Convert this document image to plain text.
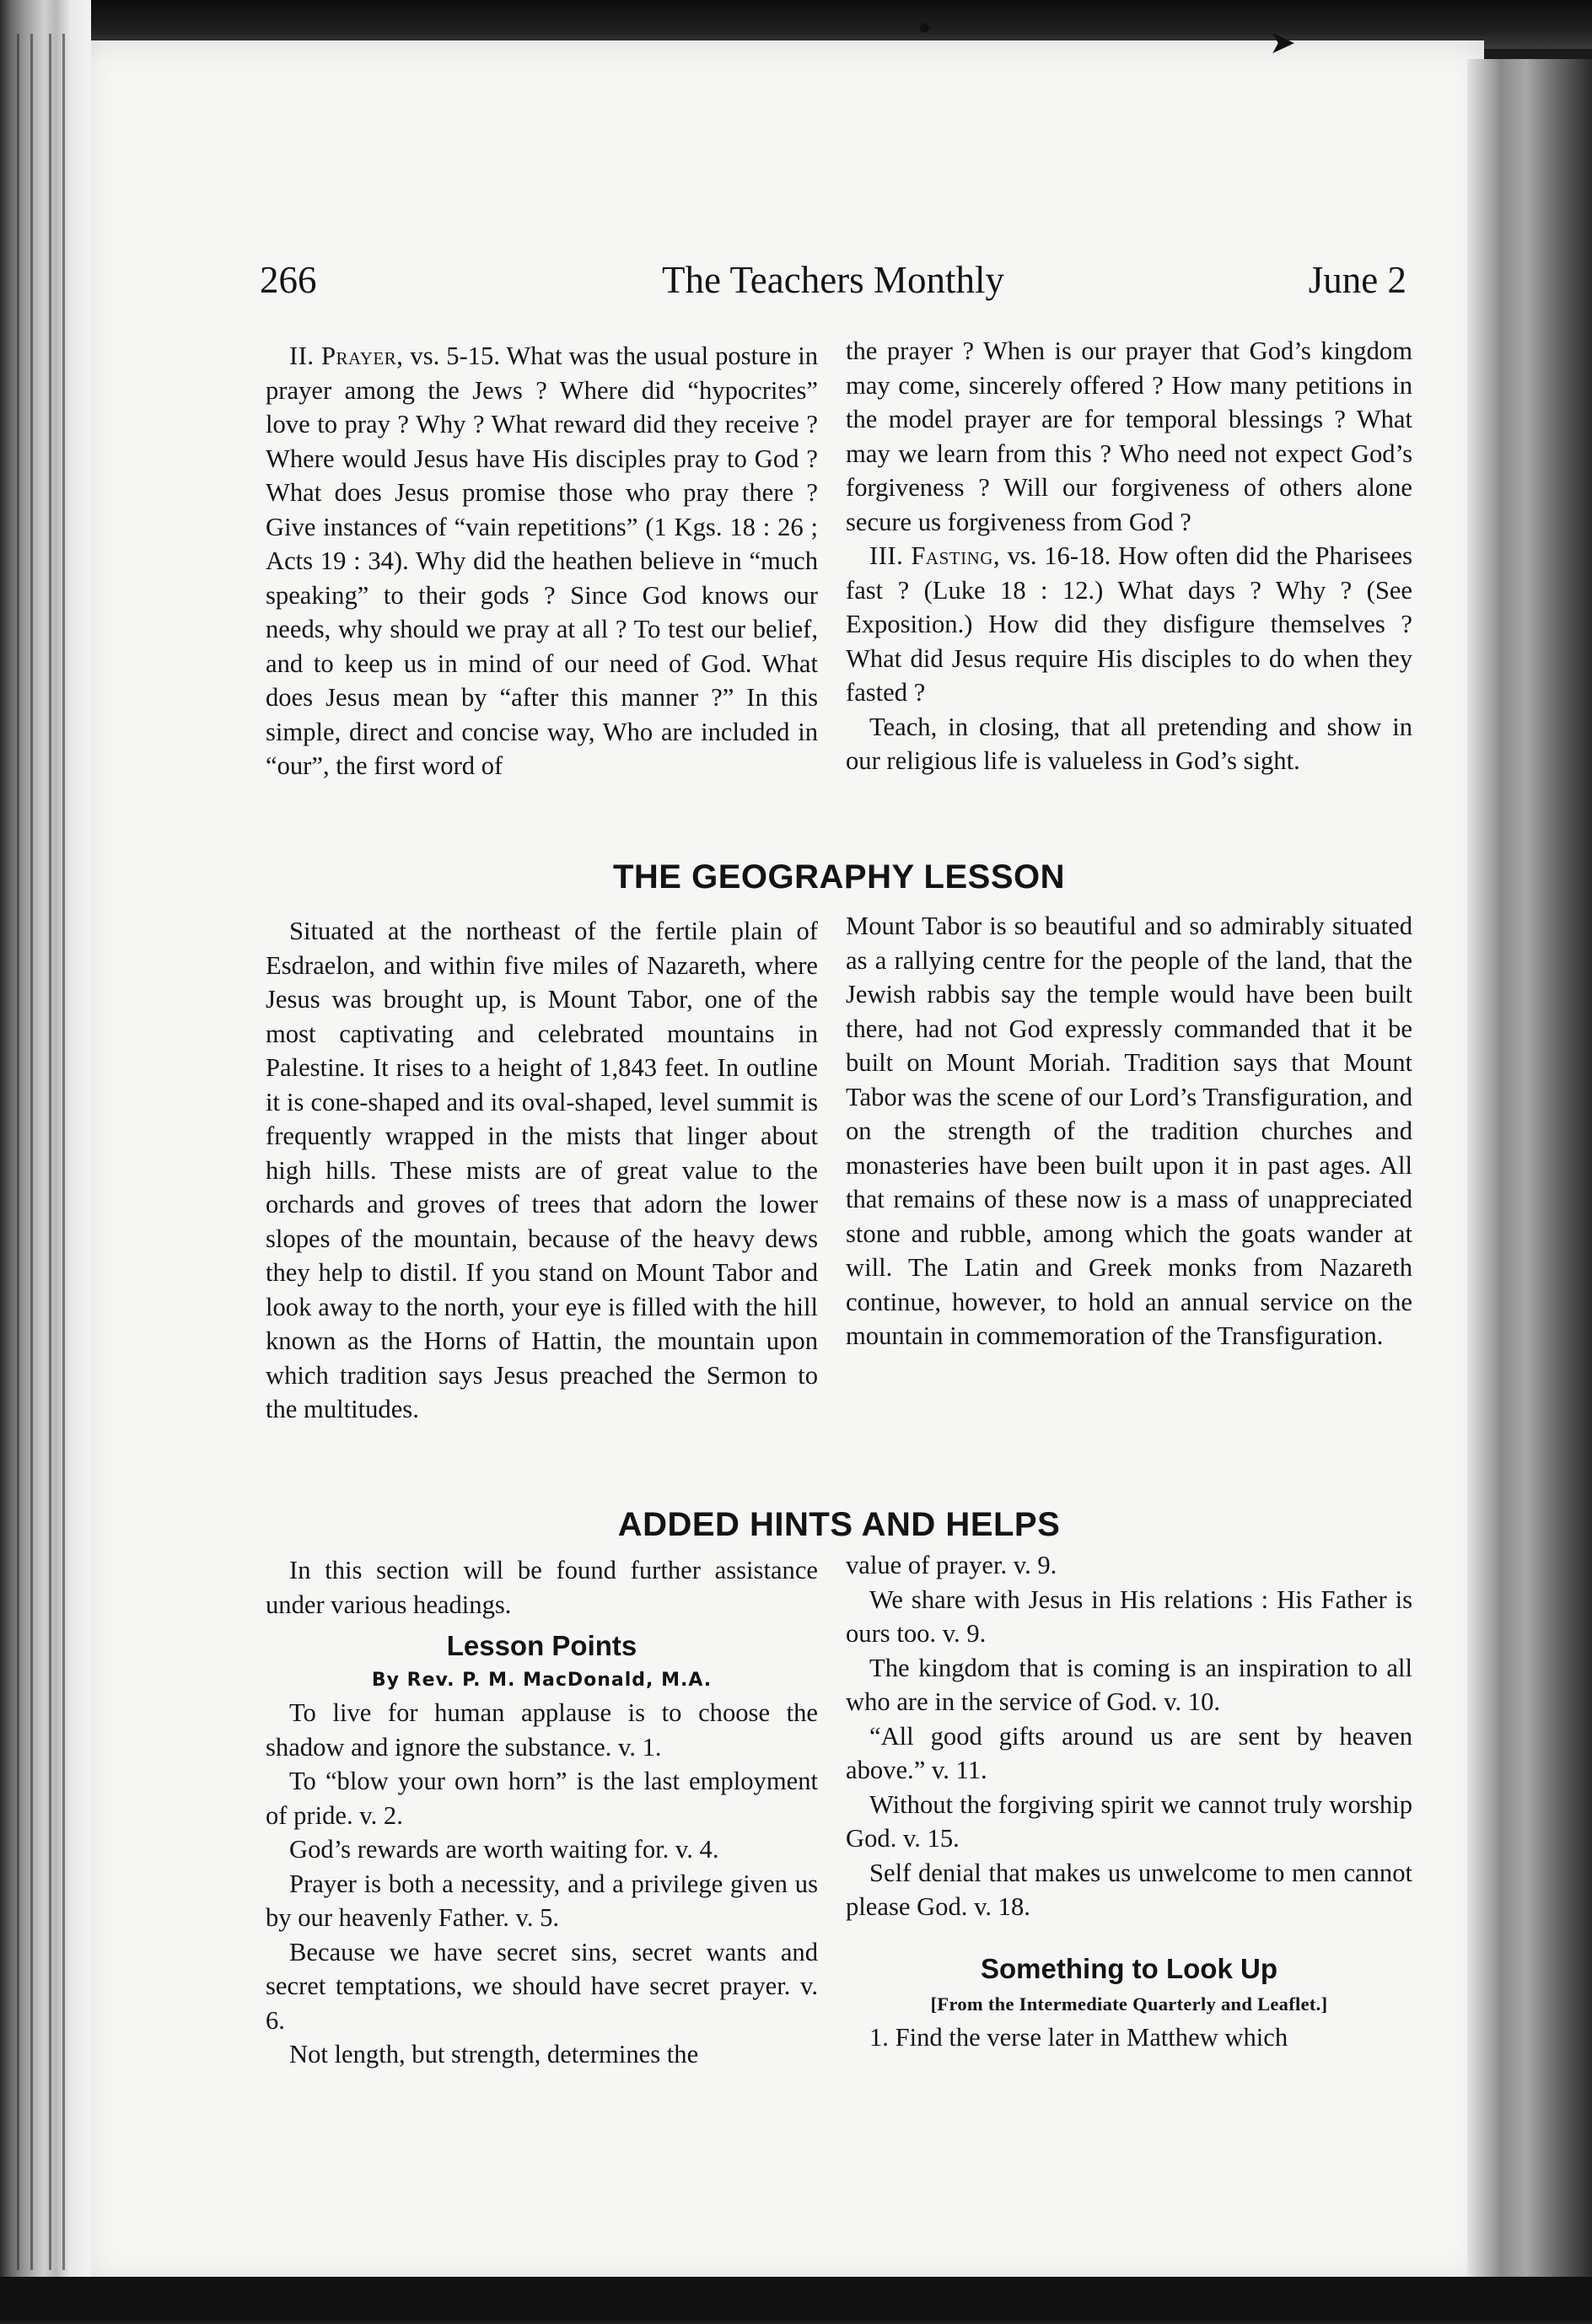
•	➤
❦
266	The Teachers Monthly	June 2

II. Prayer, vs. 5-15. What was the usual posture in prayer among the Jews ? Where did “hypocrites” love to pray ? Why ? What reward did they receive ? Where would Jesus have His disciples pray to God ? What does Jesus promise those who pray there ? Give instances of “vain repetitions” (1 Kgs. 18 : 26 ; Acts 19 : 34). Why did the heathen believe in “much speaking” to their gods ? Since God knows our needs, why should we pray at all ? To test our belief, and to keep us in mind of our need of God. What does Jesus mean by “after this manner ?” In this simple, direct and concise way, Who are included in “our”, the first word of

the prayer ? When is our prayer that God’s kingdom may come, sincerely offered ? How many petitions in the model prayer are for temporal blessings ? What may we learn from this ? Who need not expect God’s forgiveness ? Will our forgiveness of others alone secure us forgiveness from God ?

III. Fasting, vs. 16-18. How often did the Pharisees fast ? (Luke 18 : 12.) What days ? Why ? (See Exposition.) How did they disfigure themselves ? What did Jesus require His disciples to do when they fasted ?

Teach, in closing, that all pretending and show in our religious life is valueless in God’s sight.

THE GEOGRAPHY LESSON

Situated at the northeast of the fertile plain of Esdraelon, and within five miles of Nazareth, where Jesus was brought up, is Mount Tabor, one of the most captivating and celebrated mountains in Palestine. It rises to a height of 1,843 feet. In outline it is cone-shaped and its oval-shaped, level summit is frequently wrapped in the mists that linger about high hills. These mists are of great value to the orchards and groves of trees that adorn the lower slopes of the mountain, because of the heavy dews they help to distil. If you stand on Mount Tabor and look away to the north, your eye is filled with the hill known as the Horns of Hattin, the mountain upon which tradition says Jesus preached the Sermon to the multitudes.

Mount Tabor is so beautiful and so admirably situated as a rallying centre for the people of the land, that the Jewish rabbis say the temple would have been built there, had not God expressly commanded that it be built on Mount Moriah. Tradition says that Mount Tabor was the scene of our Lord’s Transfiguration, and on the strength of the tradition churches and monasteries have been built upon it in past ages. All that remains of these now is a mass of unappreciated stone and rubble, among which the goats wander at will. The Latin and Greek monks from Nazareth continue, however, to hold an annual service on the mountain in commemoration of the Transfiguration.

ADDED HINTS AND HELPS

In this section will be found further assistance under various headings.

Lesson Points
By Rev. P. M. MacDonald, M.A.

To live for human applause is to choose the shadow and ignore the substance. v. 1.

To “blow your own horn” is the last employment of pride. v. 2.

God’s rewards are worth waiting for. v. 4.

Prayer is both a necessity, and a privilege given us by our heavenly Father. v. 5.

Because we have secret sins, secret wants and secret temptations, we should have secret prayer. v. 6.

Not length, but strength, determines the

value of prayer. v. 9.

We share with Jesus in His relations : His Father is ours too. v. 9.

The kingdom that is coming is an inspiration to all who are in the service of God. v. 10.

“All good gifts around us are sent by heaven above.” v. 11.

Without the forgiving spirit we cannot truly worship God. v. 15.

Self denial that makes us unwelcome to men cannot please God. v. 18.

Something to Look Up
[From the Intermediate Quarterly and Leaflet.]

1. Find the verse later in Matthew which
